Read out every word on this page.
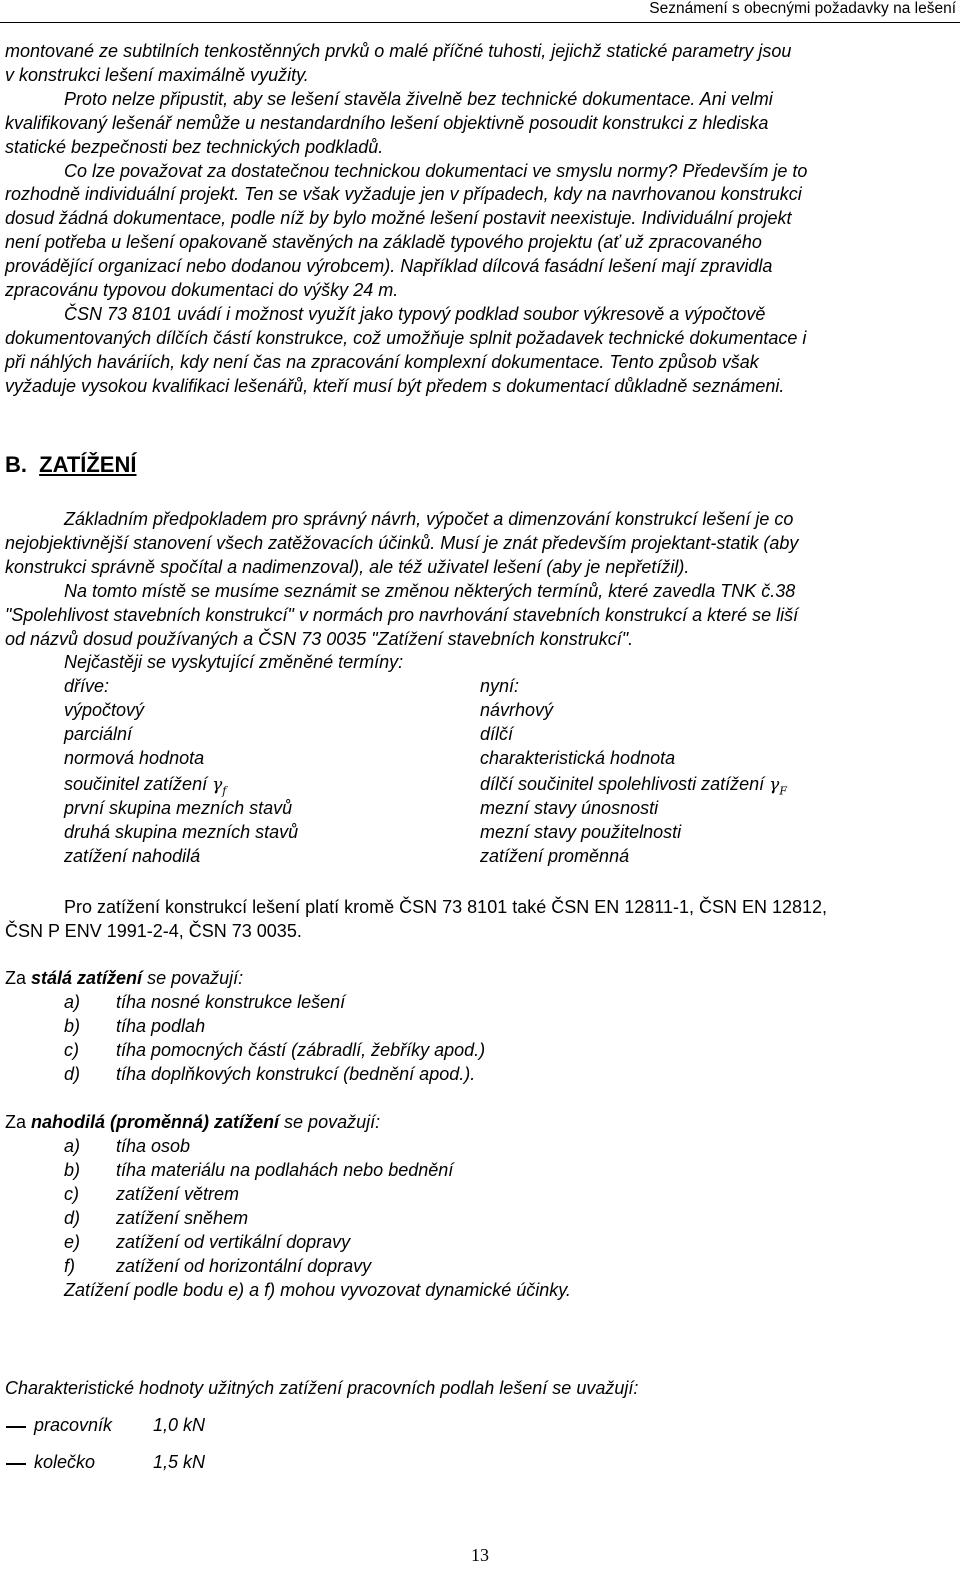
Seznámení s obecnými požadavky na lešení
montované ze subtilních tenkostěnných prvků o malé příčné tuhosti, jejichž statické parametry jsou
v konstrukci lešení maximálně využity.
Proto nelze připustit, aby se lešení stavěla živelně bez technické dokumentace. Ani velmi
kvalifikovaný lešenář nemůže u nestandardního lešení objektivně posoudit konstrukci z hlediska
statické bezpečnosti bez technických podkladů.
Co lze považovat za dostatečnou technickou dokumentaci ve smyslu normy? Především je to
rozhodně individuální projekt. Ten se však vyžaduje jen v případech, kdy na navrhovanou konstrukci
dosud žádná dokumentace, podle níž by bylo možné lešení postavit neexistuje. Individuální projekt
není potřeba u lešení opakovaně stavěných na základě typového projektu (ať už zpracovaného
provádějící organizací nebo dodanou výrobcem). Například dílcová fasádní lešení mají zpravidla
zpracovánu typovou dokumentaci do výšky 24 m.
ČSN 73 8101 uvádí i možnost využít jako typový podklad soubor výkresově a výpočtově
dokumentovaných dílčích částí konstrukce, což umožňuje splnit požadavek technické dokumentace i
při náhlých haváriích, kdy není čas na zpracování komplexní dokumentace. Tento způsob však
vyžaduje vysokou kvalifikaci lešenářů, kteří musí být předem s dokumentací důkladně seznámeni.
B. ZATÍŽENÍ
Základním předpokladem pro správný návrh, výpočet a dimenzování konstrukcí lešení je co
nejobjektivnější stanovení všech zatěžovacích účinků. Musí je znát především projektant-statik (aby
konstrukci správně spočítal a nadimenzoval), ale též uživatel lešení (aby je nepřetížil).
Na tomto místě se musíme seznámit se změnou některých termínů, které zavedla TNK č.38
"Spolehlivost stavebních konstrukcí" v normách pro navrhování stavebních konstrukcí a které se liší
od názvů dosud používaných a ČSN 73 0035 "Zatížení stavebních konstrukcí".
Nejčastěji se vyskytující změněné termíny:
dříve:	nyní:
výpočtový	návrhový
parciální	dílčí
normová hodnota	charakteristická hodnota
součinitel zatížení $\gamma_f$	dílčí součinitel spolehlivosti zatížení $\gamma_F$
první skupina mezních stavů	mezní stavy únosnosti
druhá skupina mezních stavů	mezní stavy použitelnosti
zatížení nahodilá	zatížení proměnná
Pro zatížení konstrukcí lešení platí kromě ČSN 73 8101 také ČSN EN 12811-1, ČSN EN 12812,
ČSN P ENV 1991-2-4, ČSN 73 0035.
Za stálá zatížení se považují:
a) tíha nosné konstrukce lešení
b) tíha podlah
c) tíha pomocných částí (zábradlí, žebříky apod.)
d) tíha doplňkových konstrukcí (bednění apod.).
Za nahodilá (proměnná) zatížení se považují:
a) tíha osob
b) tíha materiálu na podlahách nebo bednění
c) zatížení větrem
d) zatížení sněhem
e) zatížení od vertikální dopravy
f) zatížení od horizontální dopravy
Zatížení podle bodu e) a f) mohou vyvozovat dynamické účinky.
Charakteristické hodnoty užitných zatížení pracovních podlah lešení se uvažují:
pracovník 1,0 kN
kolečko	1,5 kN
13
